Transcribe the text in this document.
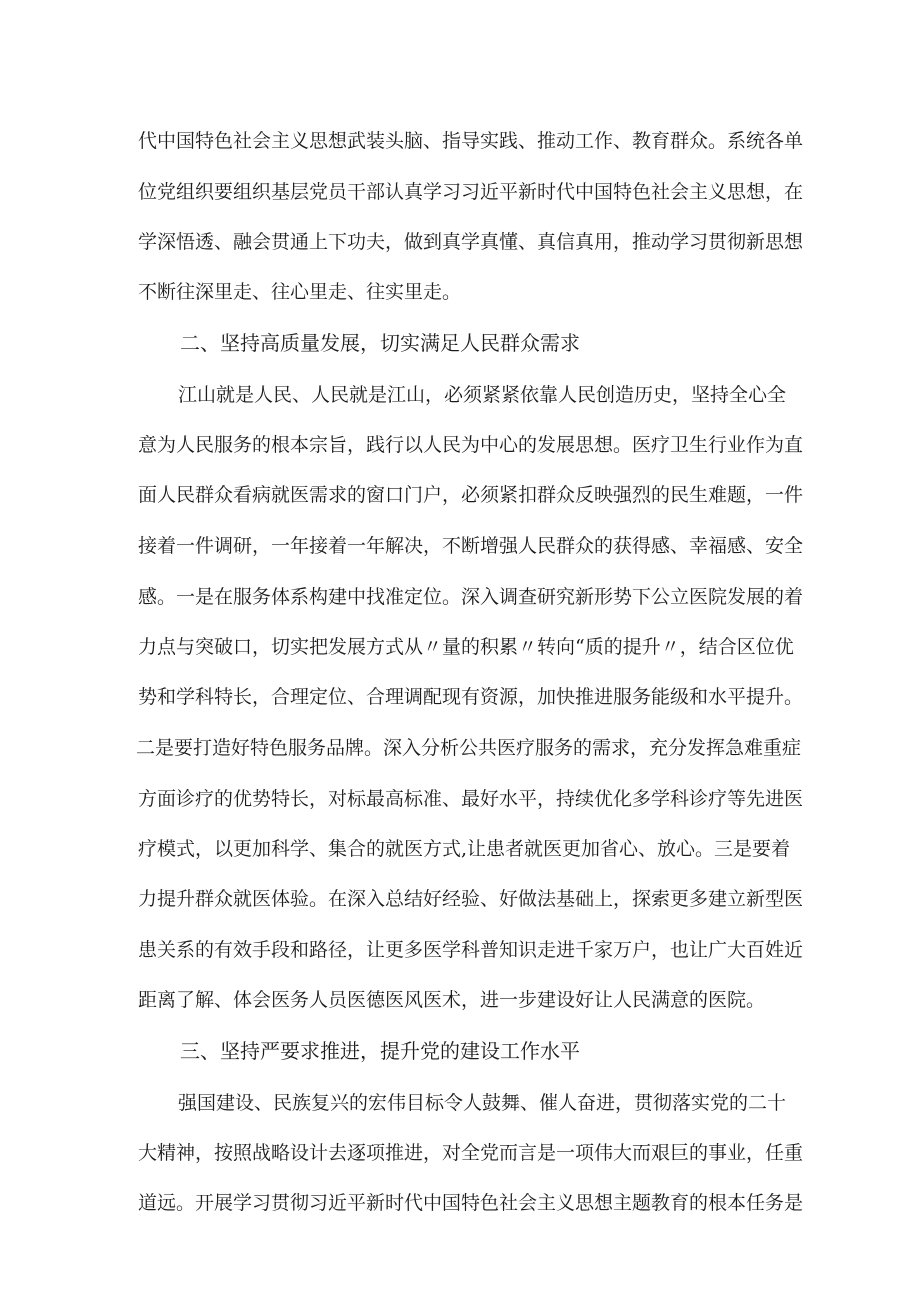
代中国特色社会主义思想武装头脑、指导实践、推动工作、教育群众。系统各单
位党组织要组织基层党员干部认真学习习近平新时代中国特色社会主义思想，在
学深悟透、融会贯通上下功夫，做到真学真懂、真信真用，推动学习贯彻新思想
不断往深里走、往心里走、往实里走。
二、坚持高质量发展，切实满足人民群众需求
江山就是人民、人民就是江山，必须紧紧依靠人民创造历史，坚持全心全
意为人民服务的根本宗旨，践行以人民为中心的发展思想。医疗卫生行业作为直
面人民群众看病就医需求的窗口门户，必须紧扣群众反映强烈的民生难题，一件
接着一件调研，一年接着一年解决，不断增强人民群众的获得感、幸福感、安全
感。一是在服务体系构建中找准定位。深入调查研究新形势下公立医院发展的着
力点与突破口，切实把发展方式从〃量的积累〃转向“质的提升〃，结合区位优
势和学科特长，合理定位、合理调配现有资源，加快推进服务能级和水平提升。
二是要打造好特色服务品牌。深入分析公共医疗服务的需求，充分发挥急难重症
方面诊疗的优势特长，对标最高标准、最好水平，持续优化多学科诊疗等先进医
疗模式，以更加科学、集合的就医方式,让患者就医更加省心、放心。三是要着
力提升群众就医体验。在深入总结好经验、好做法基础上，探索更多建立新型医
患关系的有效手段和路径，让更多医学科普知识走进千家万户，也让广大百姓近
距离了解、体会医务人员医德医风医术，进一步建设好让人民满意的医院。
三、坚持严要求推进，提升党的建设工作水平
强国建设、民族复兴的宏伟目标令人鼓舞、催人奋进，贯彻落实党的二十
大精神，按照战略设计去逐项推进，对全党而言是一项伟大而艰巨的事业，任重
道远。开展学习贯彻习近平新时代中国特色社会主义思想主题教育的根本任务是
